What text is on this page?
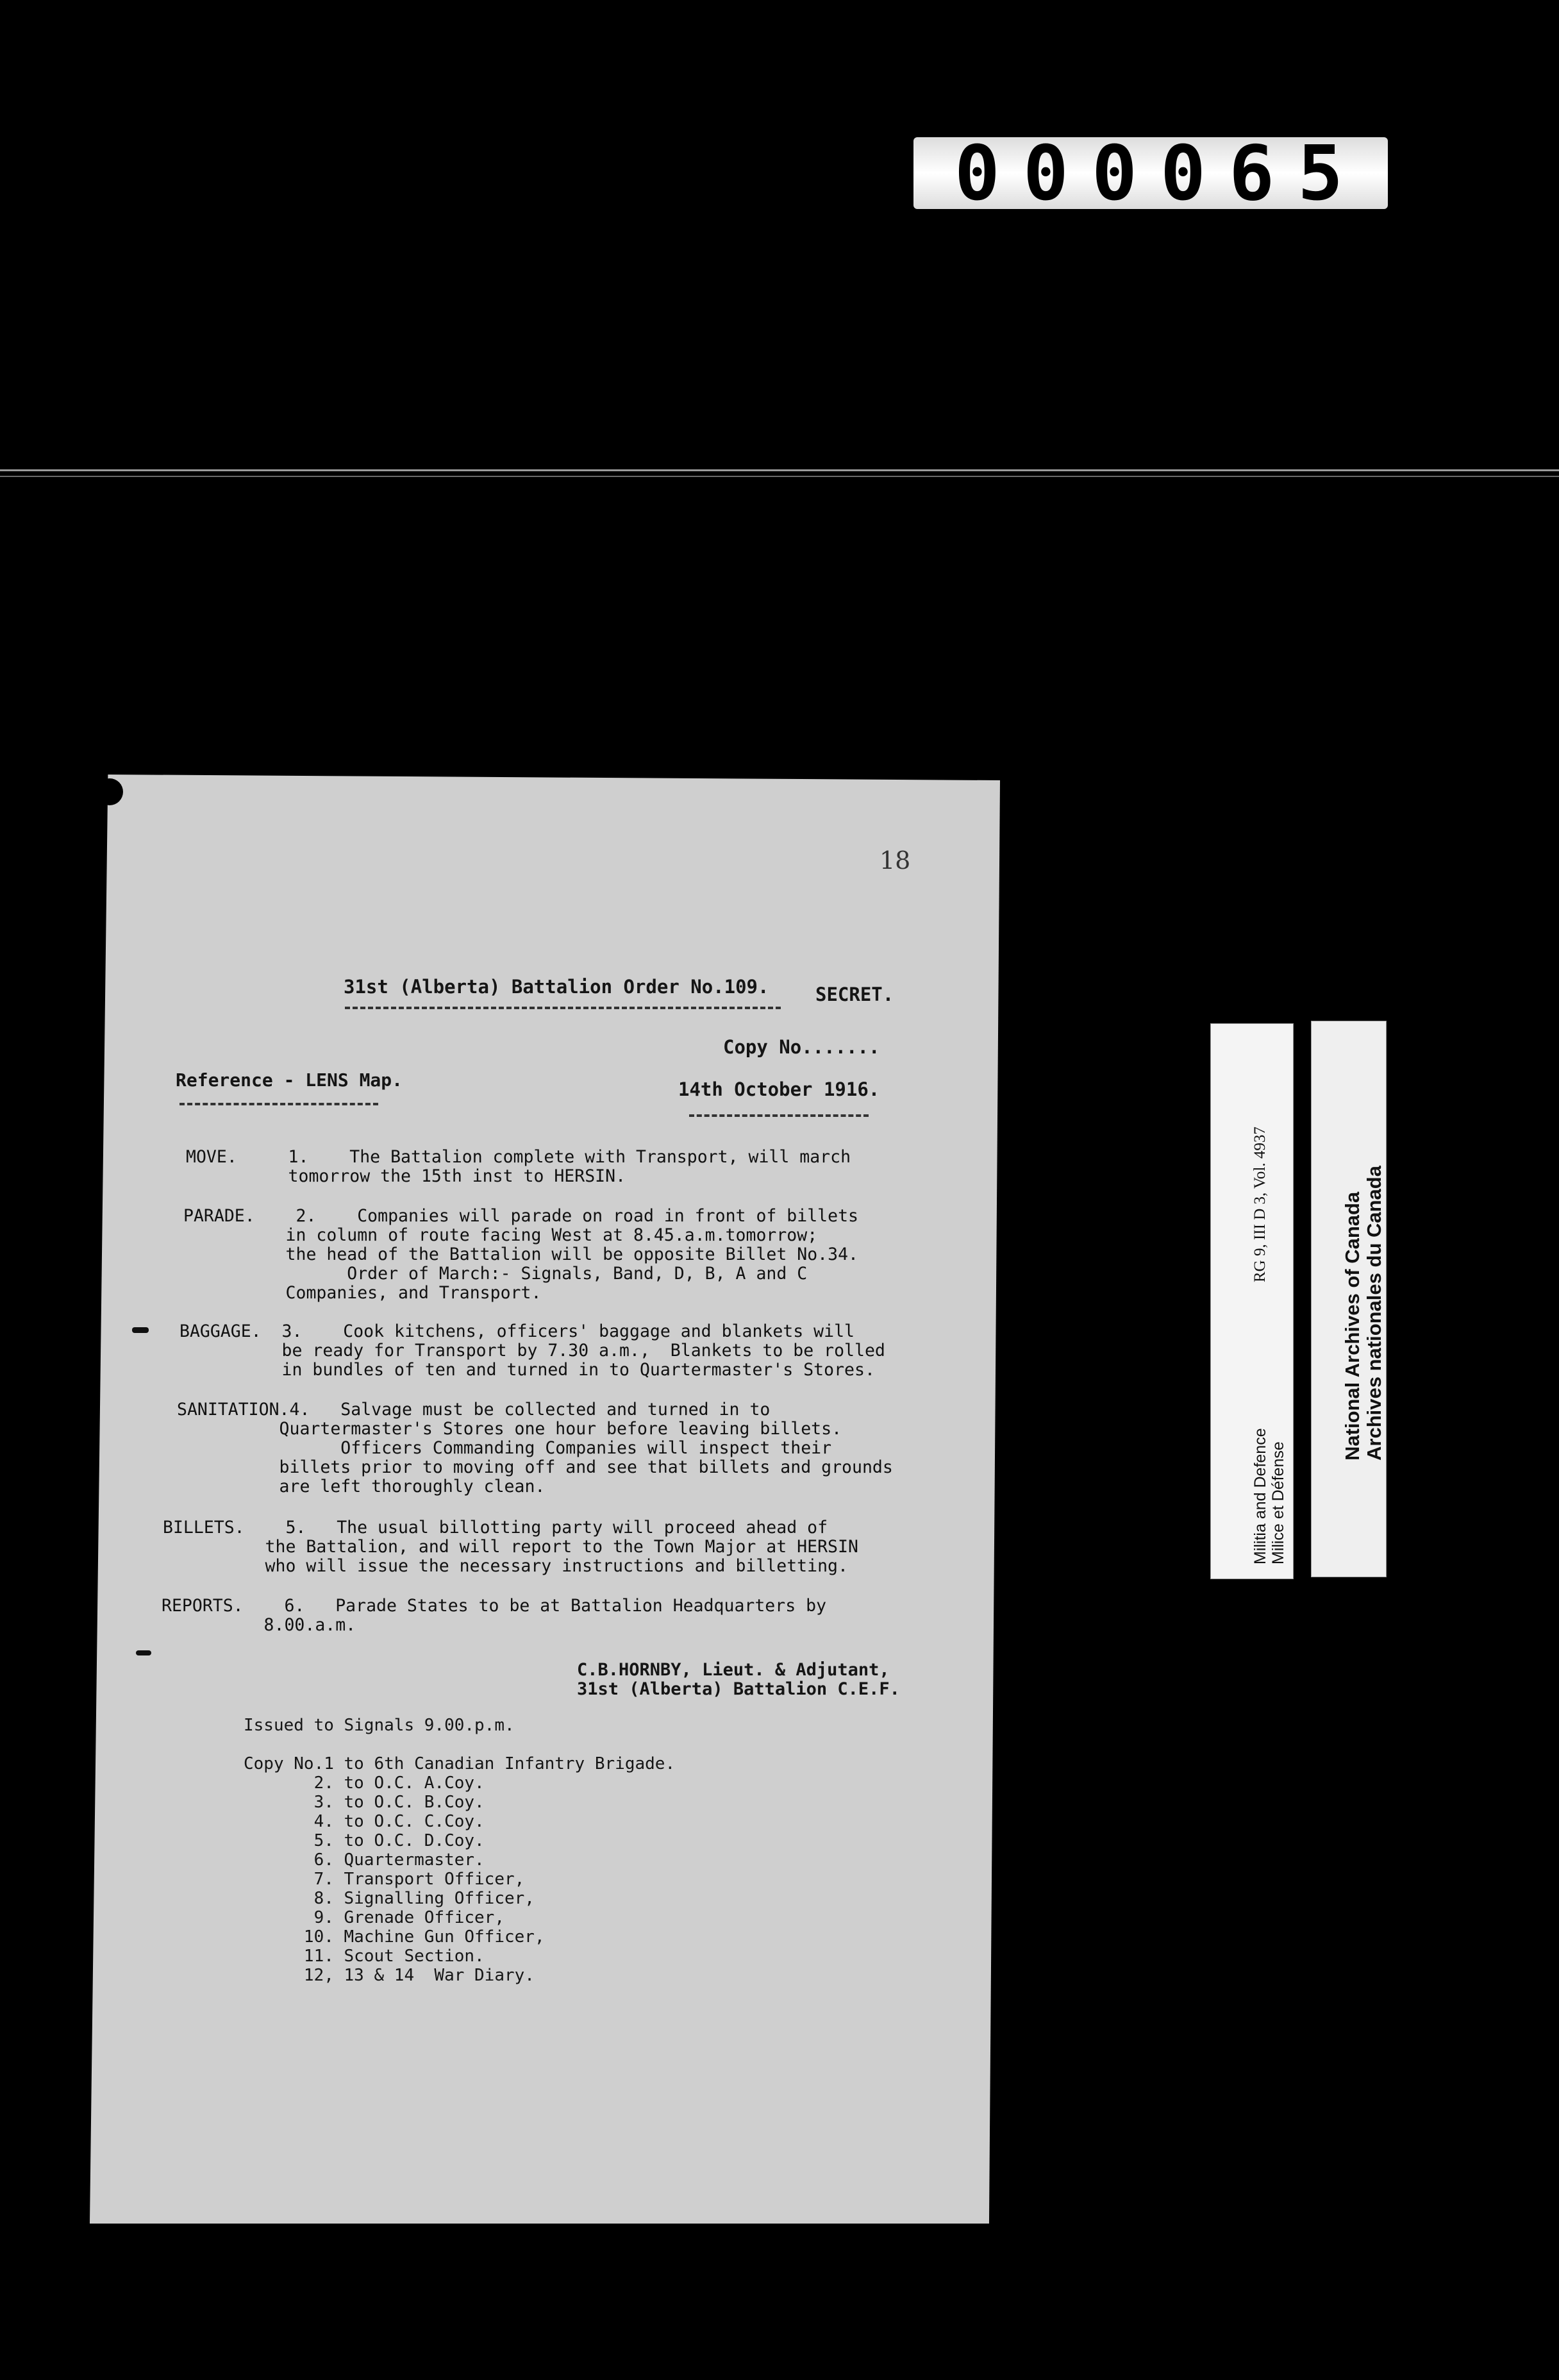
000065
18
31st (Alberta) Battalion Order No.109.	SECRET.
Copy No.......
Reference - LENS Map.	14th October 1916.
MOVE.     1.    The Battalion complete with Transport, will march
tomorrow the 15th inst to HERSIN.
PARADE.    2.    Companies will parade on road in front of billets
in column of route facing West at 8.45.a.m.tomorrow;
the head of the Battalion will be opposite Billet No.34.
Order of March:- Signals, Band, D, B, A and C
Companies, and Transport.
BAGGAGE.  3.    Cook kitchens, officers' baggage and blankets will
be ready for Transport by 7.30 a.m.,  Blankets to be rolled
in bundles of ten and turned in to Quartermaster's Stores.
SANITATION.4.   Salvage must be collected and turned in to
Quartermaster's Stores one hour before leaving billets.
Officers Commanding Companies will inspect their
billets prior to moving off and see that billets and grounds
are left thoroughly clean.
BILLETS.    5.   The usual billotting party will proceed ahead of
the Battalion, and will report to the Town Major at HERSIN
who will issue the necessary instructions and billetting.
REPORTS.    6.   Parade States to be at Battalion Headquarters by
8.00.a.m.
C.B.HORNBY, Lieut. & Adjutant,
31st (Alberta) Battalion C.E.F.
Issued to Signals 9.00.p.m.
Copy No.1 to 6th Canadian Infantry Brigade.
2. to O.C. A.Coy.
3. to O.C. B.Coy.
4. to O.C. C.Coy.
5. to O.C. D.Coy.
6. Quartermaster.
7. Transport Officer,
8. Signalling Officer,
9. Grenade Officer,
10. Machine Gun Officer,
11. Scout Section.
12, 13 & 14  War Diary.
Militia and Defence Milice et Défense
RG 9, III D 3, Vol. 4937	National Archives of Canada Archives nationales du Canada
